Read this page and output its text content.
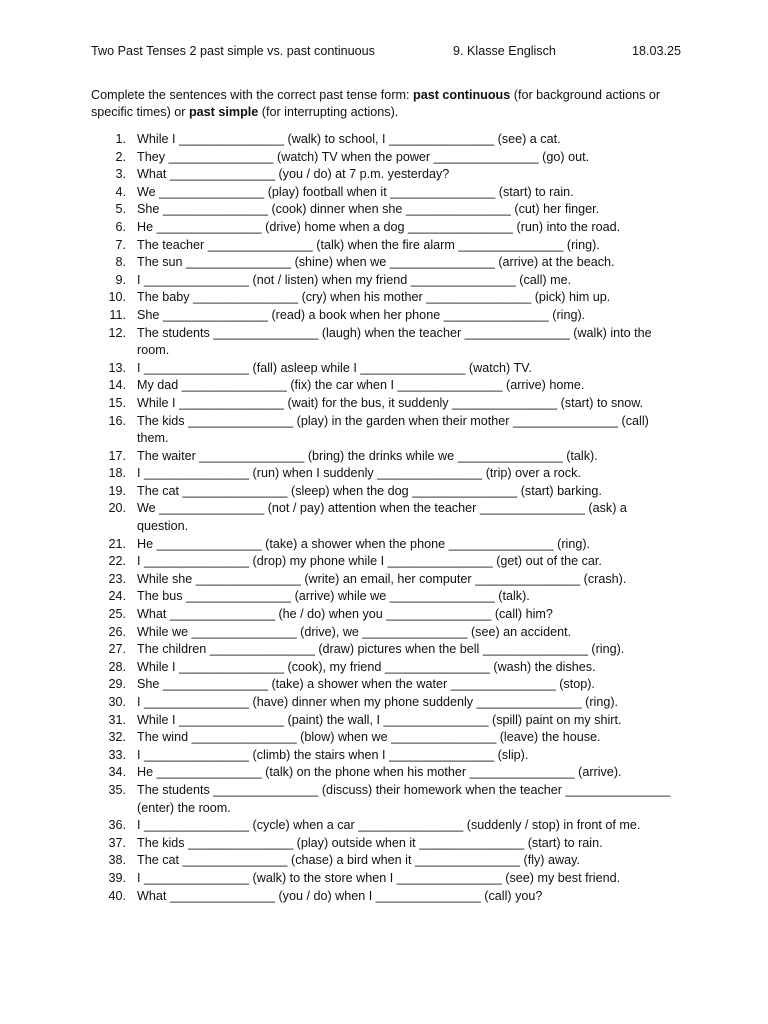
Two Past Tenses 2 past simple vs. past continuous	9. Klasse Englisch	18.03.25
Complete the sentences with the correct past tense form: past continuous (for background actions or specific times) or past simple (for interrupting actions).
1. While I _______________ (walk) to school, I _______________ (see) a cat.
2. They _______________ (watch) TV when the power _______________ (go) out.
3. What _______________ (you / do) at 7 p.m. yesterday?
4. We _______________ (play) football when it _______________ (start) to rain.
5. She _______________ (cook) dinner when she _______________ (cut) her finger.
6. He _______________ (drive) home when a dog _______________ (run) into the road.
7. The teacher _______________ (talk) when the fire alarm _______________ (ring).
8. The sun _______________ (shine) when we _______________ (arrive) at the beach.
9. I _______________ (not / listen) when my friend _______________ (call) me.
10. The baby _______________ (cry) when his mother _______________ (pick) him up.
11. She _______________ (read) a book when her phone _______________ (ring).
12. The students _______________ (laugh) when the teacher _______________ (walk) into the room.
13. I _______________ (fall) asleep while I _______________ (watch) TV.
14. My dad _______________ (fix) the car when I _______________ (arrive) home.
15. While I _______________ (wait) for the bus, it suddenly _______________ (start) to snow.
16. The kids _______________ (play) in the garden when their mother _______________ (call) them.
17. The waiter _______________ (bring) the drinks while we _______________ (talk).
18. I _______________ (run) when I suddenly _______________ (trip) over a rock.
19. The cat _______________ (sleep) when the dog _______________ (start) barking.
20. We _______________ (not / pay) attention when the teacher _______________ (ask) a question.
21. He _______________ (take) a shower when the phone _______________ (ring).
22. I _______________ (drop) my phone while I _______________ (get) out of the car.
23. While she _______________ (write) an email, her computer _______________ (crash).
24. The bus _______________ (arrive) while we _______________ (talk).
25. What _______________ (he / do) when you _______________ (call) him?
26. While we _______________ (drive), we _______________ (see) an accident.
27. The children _______________ (draw) pictures when the bell _______________ (ring).
28. While I _______________ (cook), my friend _______________ (wash) the dishes.
29. She _______________ (take) a shower when the water _______________ (stop).
30. I _______________ (have) dinner when my phone suddenly _______________ (ring).
31. While I _______________ (paint) the wall, I _______________ (spill) paint on my shirt.
32. The wind _______________ (blow) when we _______________ (leave) the house.
33. I _______________ (climb) the stairs when I _______________ (slip).
34. He _______________ (talk) on the phone when his mother _______________ (arrive).
35. The students _______________ (discuss) their homework when the teacher _______________ (enter) the room.
36. I _______________ (cycle) when a car _______________ (suddenly / stop) in front of me.
37. The kids _______________ (play) outside when it _______________ (start) to rain.
38. The cat _______________ (chase) a bird when it _______________ (fly) away.
39. I _______________ (walk) to the store when I _______________ (see) my best friend.
40. What _______________ (you / do) when I _______________ (call) you?
